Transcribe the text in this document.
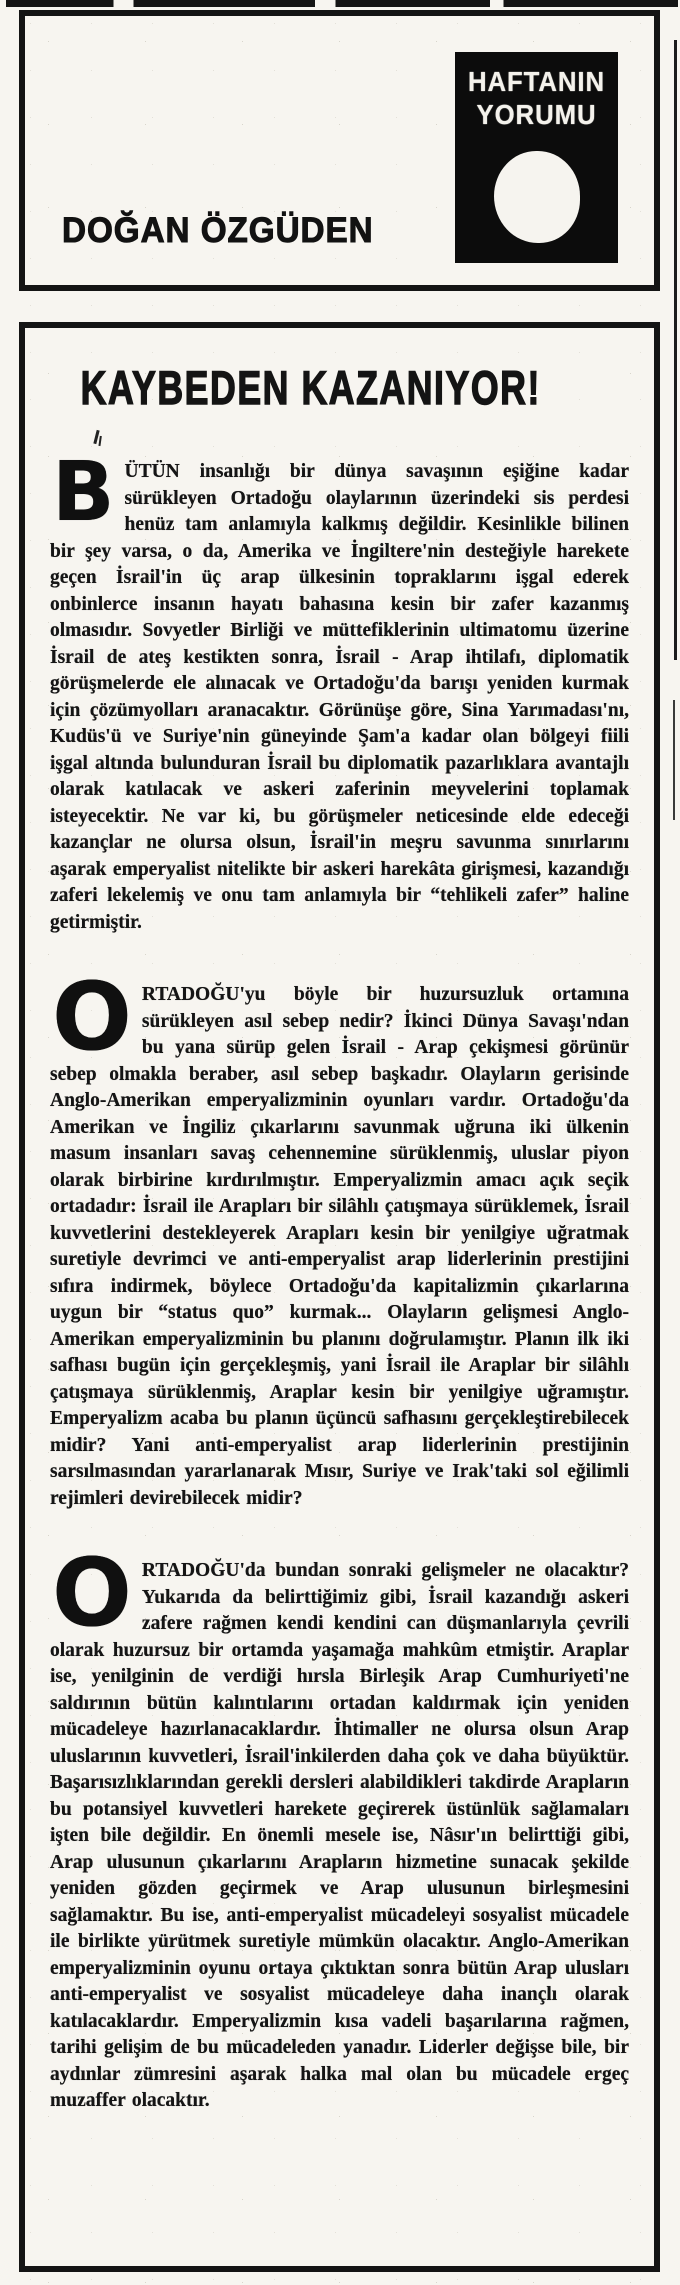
HAFTANIN
YORUMU
DOĞAN ÖZGÜDEN
KAYBEDEN KAZANIYOR!

BÜTÜN insanlığı bir dünya savaşının eşiğine kadar sürükleyen Ortadoğu olaylarının üzerindeki sis perdesi henüz tam anlamıyla kalkmış değildir. Kesinlikle bilinen bir şey varsa, o da, Amerika ve İngiltere'nin desteğiyle harekete geçen İsrail'in üç arap ülkesinin topraklarını işgal ederek onbinlerce insanın hayatı bahasına kesin bir zafer kazanmış olmasıdır. Sovyetler Birliği ve müttefiklerinin ultimatomu üzerine İsrail de ateş kestikten sonra, İsrail - Arap ihtilafı, diplomatik görüşmelerde ele alınacak ve Ortadoğu'da barışı yeniden kurmak için çözümyolları aranacaktır. Görünüşe göre, Sina Yarımadası'nı, Kudüs'ü ve Suriye'nin güneyinde Şam'a kadar olan bölgeyi fiili işgal altında bulunduran İsrail bu diplomatik pazarlıklara avantajlı olarak katılacak ve askeri zaferinin meyvelerini toplamak isteyecektir. Ne var ki, bu görüşmeler neticesinde elde edeceği kazançlar ne olursa olsun, İsrail'in meşru savunma sınırlarını aşarak emperyalist nitelikte bir askeri harekâta girişmesi, kazandığı zaferi lekelemiş ve onu tam anlamıyla bir “tehlikeli zafer” haline getirmiştir.

ORTADOĞU'yu böyle bir huzursuzluk ortamına sürükleyen asıl sebep nedir? İkinci Dünya Savaşı'ndan bu yana sürüp gelen İsrail - Arap çekişmesi görünür sebep olmakla beraber, asıl sebep başkadır. Olayların gerisinde Anglo-Amerikan emperyalizminin oyunları vardır. Ortadoğu'da Amerikan ve İngiliz çıkarlarını savunmak uğruna iki ülkenin masum insanları savaş cehennemine sürüklenmiş, uluslar piyon olarak birbirine kırdırılmıştır. Emperyalizmin amacı açık seçik ortadadır: İsrail ile Arapları bir silâhlı çatışmaya sürüklemek, İsrail kuvvetlerini destekleyerek Arapları kesin bir yenilgiye uğratmak suretiyle devrimci ve anti-emperyalist arap liderlerinin prestijini sıfıra indirmek, böylece Ortadoğu'da kapitalizmin çıkarlarına uygun bir “status quo” kurmak... Olayların gelişmesi Anglo-Amerikan emperyalizminin bu planını doğrulamıştır. Planın ilk iki safhası bugün için gerçekleşmiş, yani İsrail ile Araplar bir silâhlı çatışmaya sürüklenmiş, Araplar kesin bir yenilgiye uğramıştır. Emperyalizm acaba bu planın üçüncü safhasını gerçekleştirebilecek midir? Yani anti-emperyalist arap liderlerinin prestijinin sarsılmasından yararlanarak Mısır, Suriye ve Irak'taki sol eğilimli rejimleri devirebilecek midir?

ORTADOĞU'da bundan sonraki gelişmeler ne olacaktır? Yukarıda da belirttiğimiz gibi, İsrail kazandığı askeri zafere rağmen kendi kendini can düşmanlarıyla çevrili olarak huzursuz bir ortamda yaşamağa mahkûm etmiştir. Araplar ise, yenilginin de verdiği hırsla Birleşik Arap Cumhuriyeti'ne saldırının bütün kalıntılarını ortadan kaldırmak için yeniden mücadeleye hazırlanacaklardır. İhtimaller ne olursa olsun Arap uluslarının kuvvetleri, İsrail'inkilerden daha çok ve daha büyüktür. Başarısızlıklarından gerekli dersleri alabildikleri takdirde Arapların bu potansiyel kuvvetleri harekete geçirerek üstünlük sağlamaları işten bile değildir. En önemli mesele ise, Nâsır'ın belirttiği gibi, Arap ulusunun çıkarlarını Arapların hizmetine sunacak şekilde yeniden gözden geçirmek ve Arap ulusunun birleşmesini sağlamaktır. Bu ise, anti-emperyalist mücadeleyi sosyalist mücadele ile birlikte yürütmek suretiyle mümkün olacaktır. Anglo-Amerikan emperyalizminin oyunu ortaya çıktıktan sonra bütün Arap ulusları anti-emperyalist ve sosyalist mücadeleye daha inançlı olarak katılacaklardır. Emperyalizmin kısa vadeli başarılarına rağmen, tarihi gelişim de bu mücadeleden yanadır. Liderler değişse bile, bir aydınlar zümresini aşarak halka mal olan bu mücadele ergeç muzaffer olacaktır.
